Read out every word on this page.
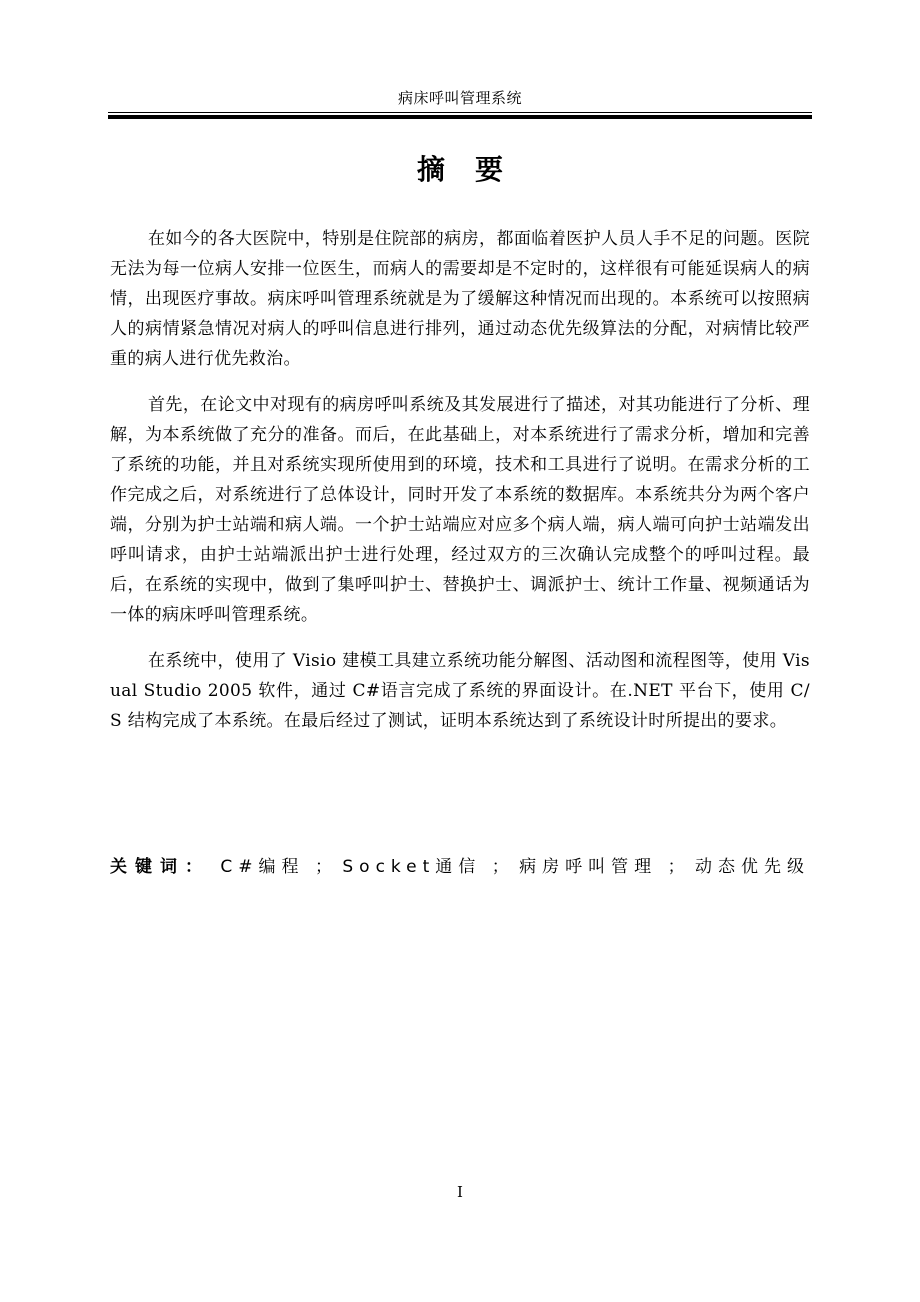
病床呼叫管理系统
摘要

在如今的各大医院中，特别是住院部的病房，都面临着医护人员人手不足的问题。医院无法为每一位病人安排一位医生，而病人的需要却是不定时的，这样很有可能延误病人的病情，出现医疗事故。病床呼叫管理系统就是为了缓解这种情况而出现的。本系统可以按照病人的病情紧急情况对病人的呼叫信息进行排列，通过动态优先级算法的分配，对病情比较严重的病人进行优先救治。

首先，在论文中对现有的病房呼叫系统及其发展进行了描述，对其功能进行了分析、理解，为本系统做了充分的准备。而后，在此基础上，对本系统进行了需求分析，增加和完善了系统的功能，并且对系统实现所使用到的环境，技术和工具进行了说明。在需求分析的工作完成之后，对系统进行了总体设计，同时开发了本系统的数据库。本系统共分为两个客户端，分别为护士站端和病人端。一个护士站端应对应多个病人端，病人端可向护士站端发出呼叫请求，由护士站端派出护士进行处理，经过双方的三次确认完成整个的呼叫过程。最后，在系统的实现中，做到了集呼叫护士、替换护士、调派护士、统计工作量、视频通话为一体的病床呼叫管理系统。

在系统中，使用了 Visio 建模工具建立系统功能分解图、活动图和流程图等，使用 Visual Studio 2005 软件，通过 C#语言完成了系统的界面设计。在.NET 平台下，使用 C/S 结构完成了本系统。在最后经过了测试，证明本系统达到了系统设计时所提出的要求。

关键词： C#编程 ； Socket通信 ； 病房呼叫管理 ； 动态优先级
I
